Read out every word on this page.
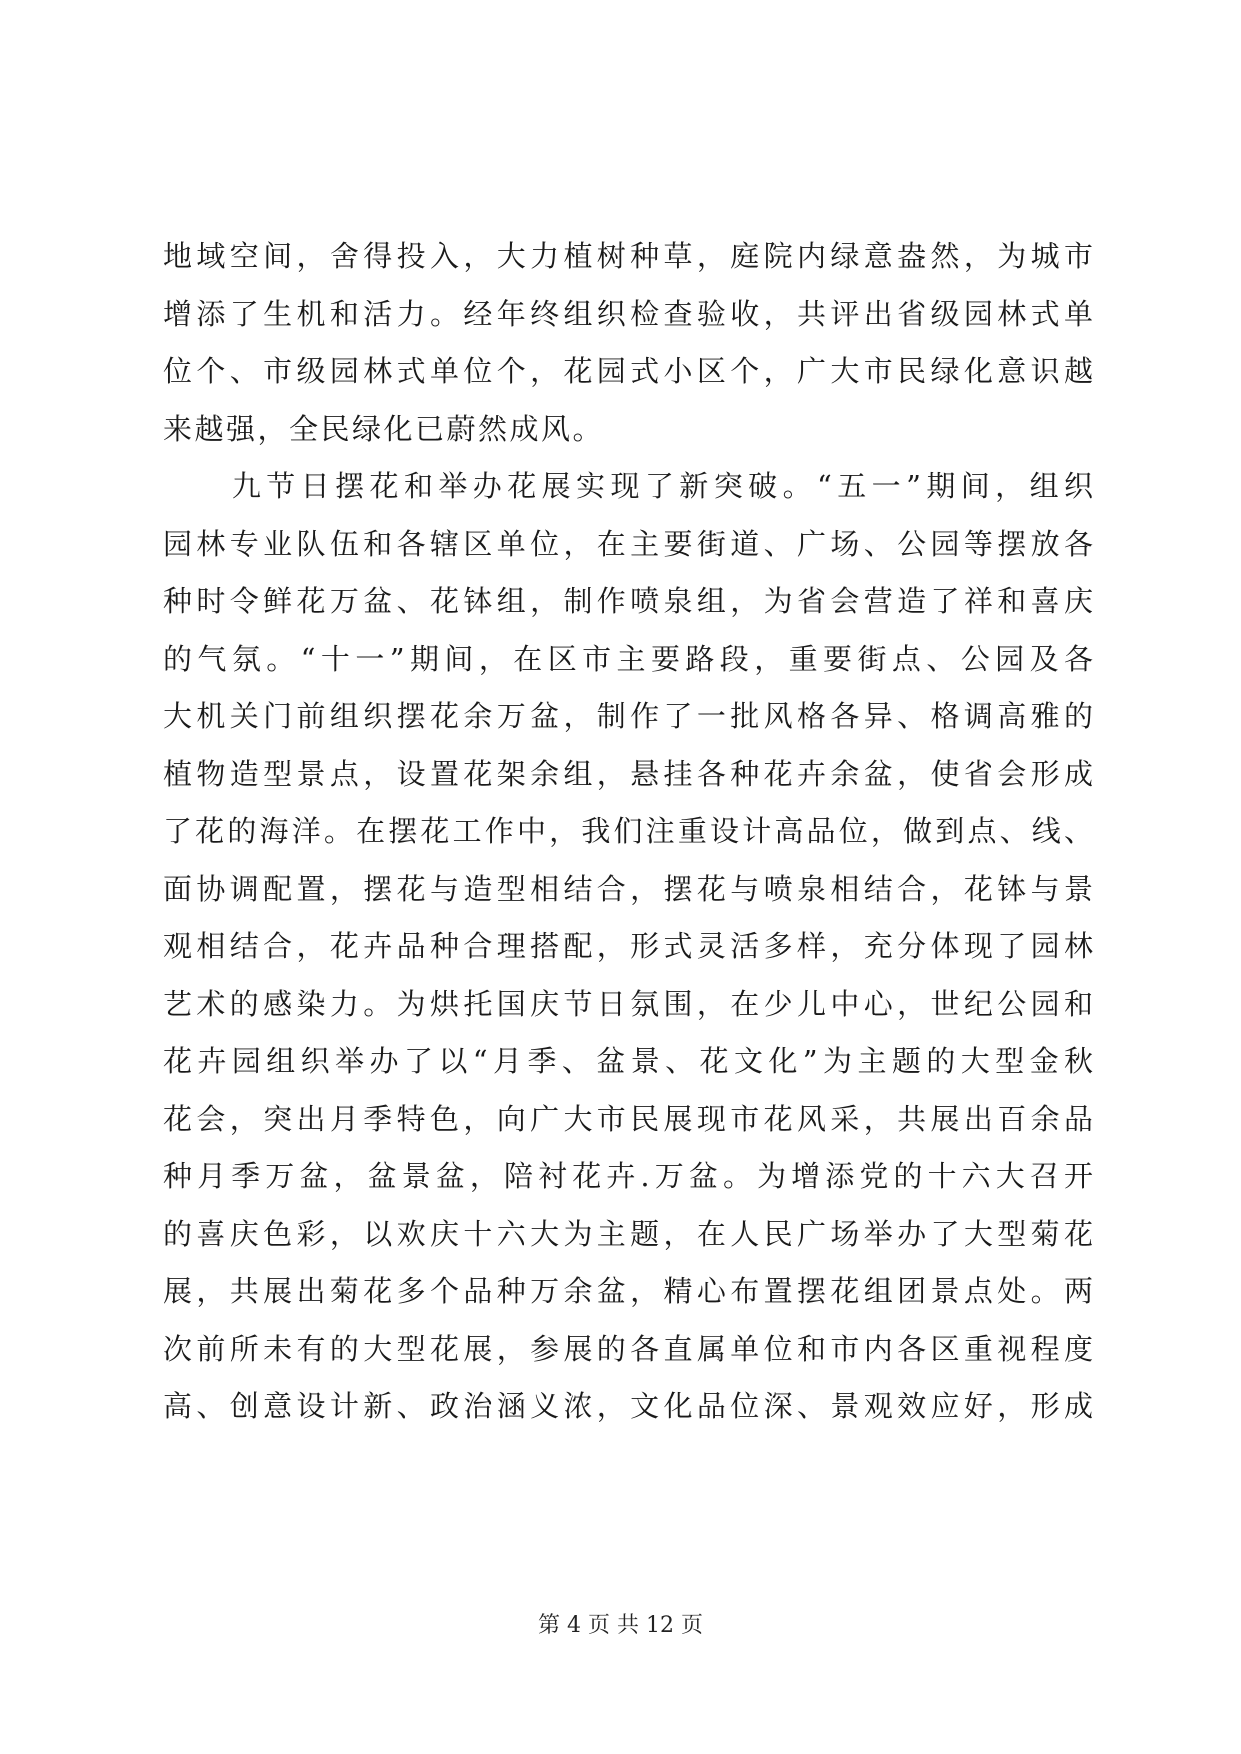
地域空间，舍得投入，大力植树种草，庭院内绿意盎然，为城市
增添了生机和活力。经年终组织检查验收，共评出省级园林式单
位个、市级园林式单位个，花园式小区个，广大市民绿化意识越
来越强，全民绿化已蔚然成风。
　　九节日摆花和举办花展实现了新突破。“五一”期间，组织
园林专业队伍和各辖区单位，在主要街道、广场、公园等摆放各
种时令鲜花万盆、花钵组，制作喷泉组，为省会营造了祥和喜庆
的气氛。“十一”期间，在区市主要路段，重要街点、公园及各
大机关门前组织摆花余万盆，制作了一批风格各异、格调高雅的
植物造型景点，设置花架余组，悬挂各种花卉余盆，使省会形成
了花的海洋。在摆花工作中，我们注重设计高品位，做到点、线、
面协调配置，摆花与造型相结合，摆花与喷泉相结合，花钵与景
观相结合，花卉品种合理搭配，形式灵活多样，充分体现了园林
艺术的感染力。为烘托国庆节日氛围，在少儿中心，世纪公园和
花卉园组织举办了以“月季、盆景、花文化”为主题的大型金秋
花会，突出月季特色，向广大市民展现市花风采，共展出百余品
种月季万盆，盆景盆，陪衬花卉.万盆。为增添党的十六大召开
的喜庆色彩，以欢庆十六大为主题，在人民广场举办了大型菊花
展，共展出菊花多个品种万余盆，精心布置摆花组团景点处。两
次前所未有的大型花展，参展的各直属单位和市内各区重视程度
高、创意设计新、政治涵义浓，文化品位深、景观效应好，形成
第 4 页 共 12 页
